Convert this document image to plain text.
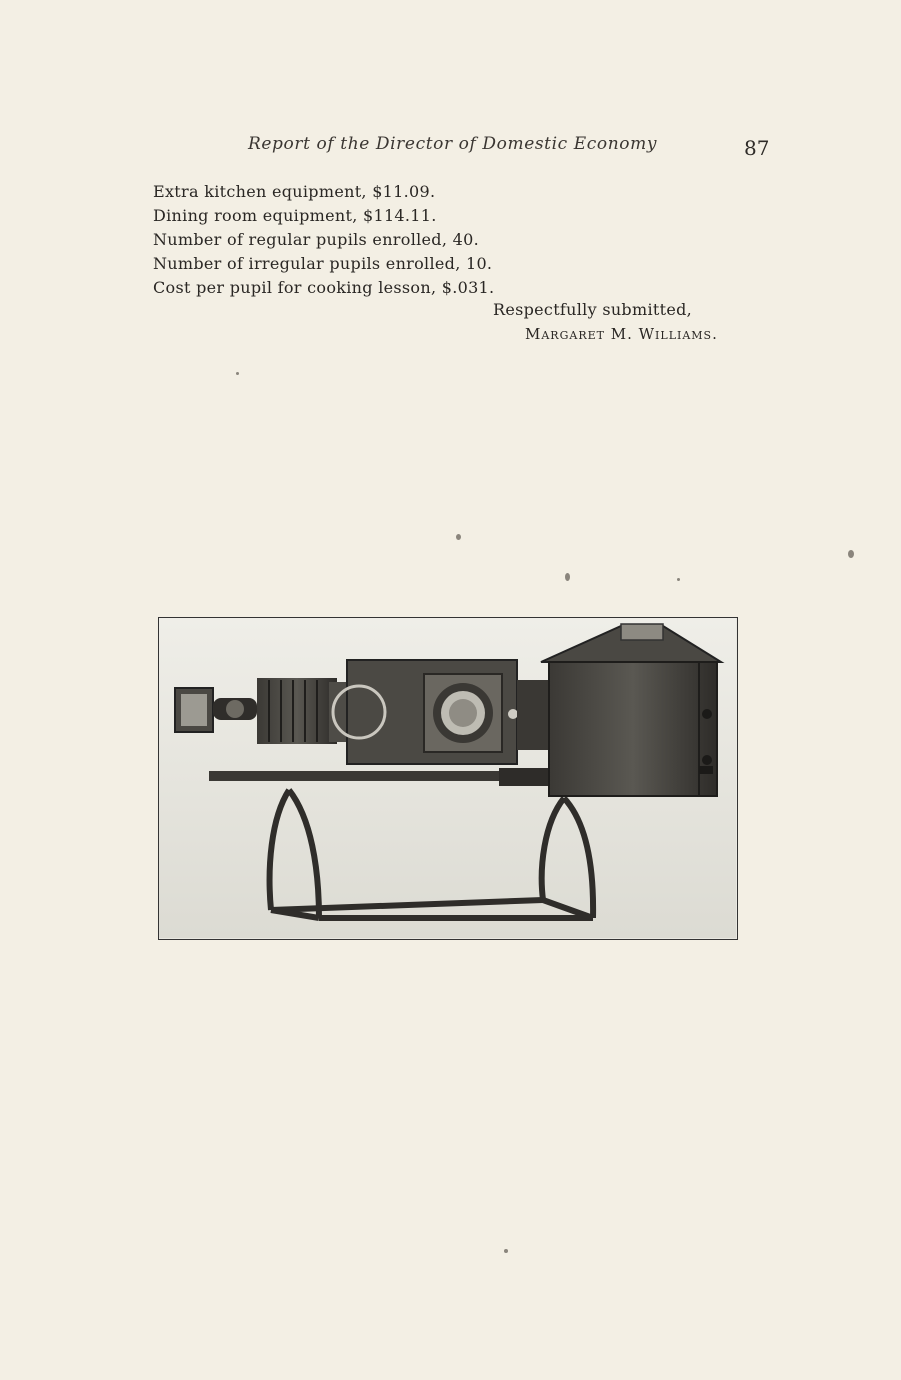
Report of the Director of Domestic Economy	87

Extra kitchen equipment, $11.09.

Dining room equipment, $114.11.

Number of regular pupils enrolled, 40.

Number of irregular pupils enrolled, 10.

Cost per pupil for cooking lesson, $.031.

Respectfully submitted,
Margaret M. Williams.
